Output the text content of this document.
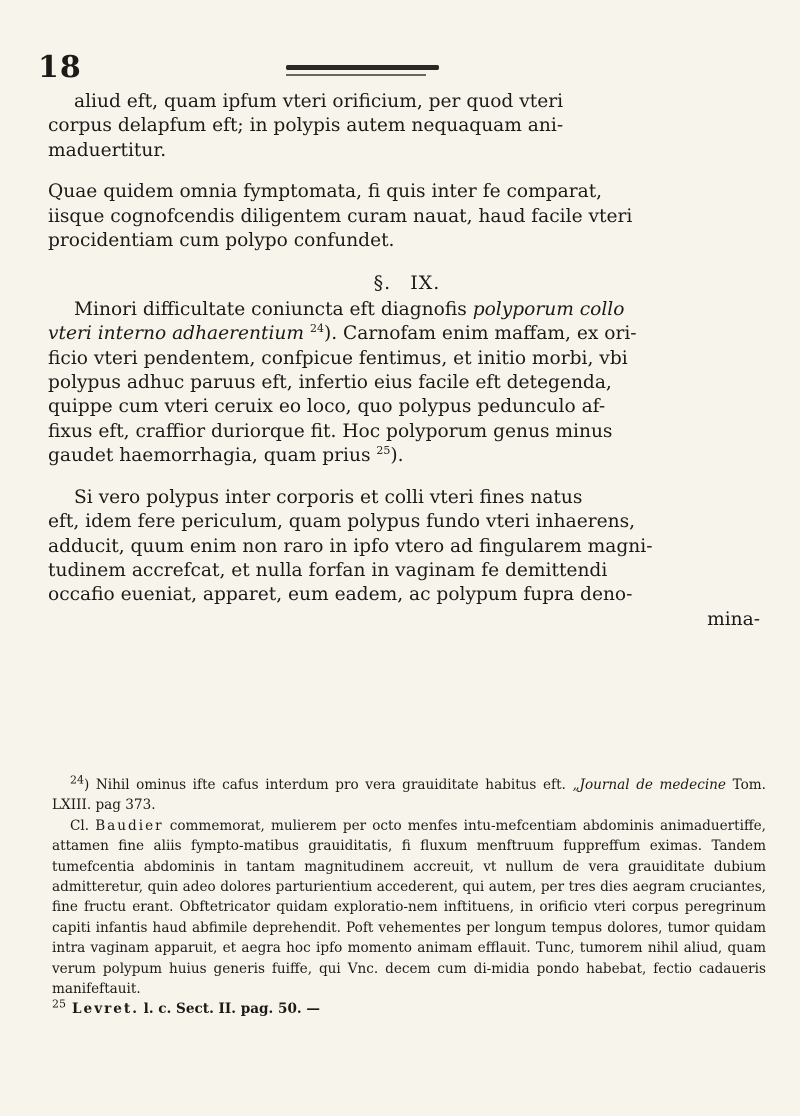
18

aliud eft, quam ipfum vteri orificium, per quod vteri

corpus delapfum eft; in polypis autem nequaquam ani-

maduertitur.

Quae quidem omnia fymptomata, fi quis inter fe comparat,

iisque cognofcendis diligentem curam nauat, haud facile vteri

procidentiam cum polypo confundet.

§. IX.

Minori difficultate coniuncta eft diagnofis polyporum collo

vteri interno adhaerentium $^{24}$). Carnofam enim maffam, ex ori-

ficio vteri pendentem, confpicue fentimus, et initio morbi, vbi

polypus adhuc paruus eft, infertio eius facile eft detegenda,

quippe cum vteri ceruix eo loco, quo polypus pedunculo af-

fixus eft, craffior duriorque fit. Hoc polyporum genus minus

gaudet haemorrhagia, quam prius $^{25}$).

Si vero polypus inter corporis et colli vteri fines natus

eft, idem fere periculum, quam polypus fundo vteri inhaerens,

adducit, quum enim non raro in ipfo vtero ad fingularem magni-

tudinem accrefcat, et nulla forfan in vaginam fe demittendi

occafio eueniat, apparet, eum eadem, ac polypum fupra deno-

mina-

$^{24}$) Nihil ominus ifte cafus interdum pro vera grauiditate habitus eft. „Journal de medecine Tom. LXIII. pag 373.

Cl. Baudier commemorat, mulierem per octo menfes intu-mefcentiam abdominis animaduertiffe, attamen fine aliis fympto-matibus grauiditatis, fi fluxum menftruum fuppreffum eximas. Tandem tumefcentia abdominis in tantam magnitudinem accreuit, vt nullum de vera grauiditate dubium admitteretur, quin adeo dolores parturientium accederent, qui autem, per tres dies aegram cruciantes, fine fructu erant. Obftetricator quidam exploratio-nem inftituens, in orificio vteri corpus peregrinum capiti infantis haud abfimile deprehendit. Poft vehementes per longum tempus dolores, tumor quidam intra vaginam apparuit, et aegra hoc ipfo momento animam efflauit. Tunc, tumorem nihil aliud, quam verum polypum huius generis fuiffe, qui Vnc. decem cum di-midia pondo habebat, fectio cadaueris manifeftauit.

$^{25}$ Levret. l. c. Sect. II. pag. 50. —
